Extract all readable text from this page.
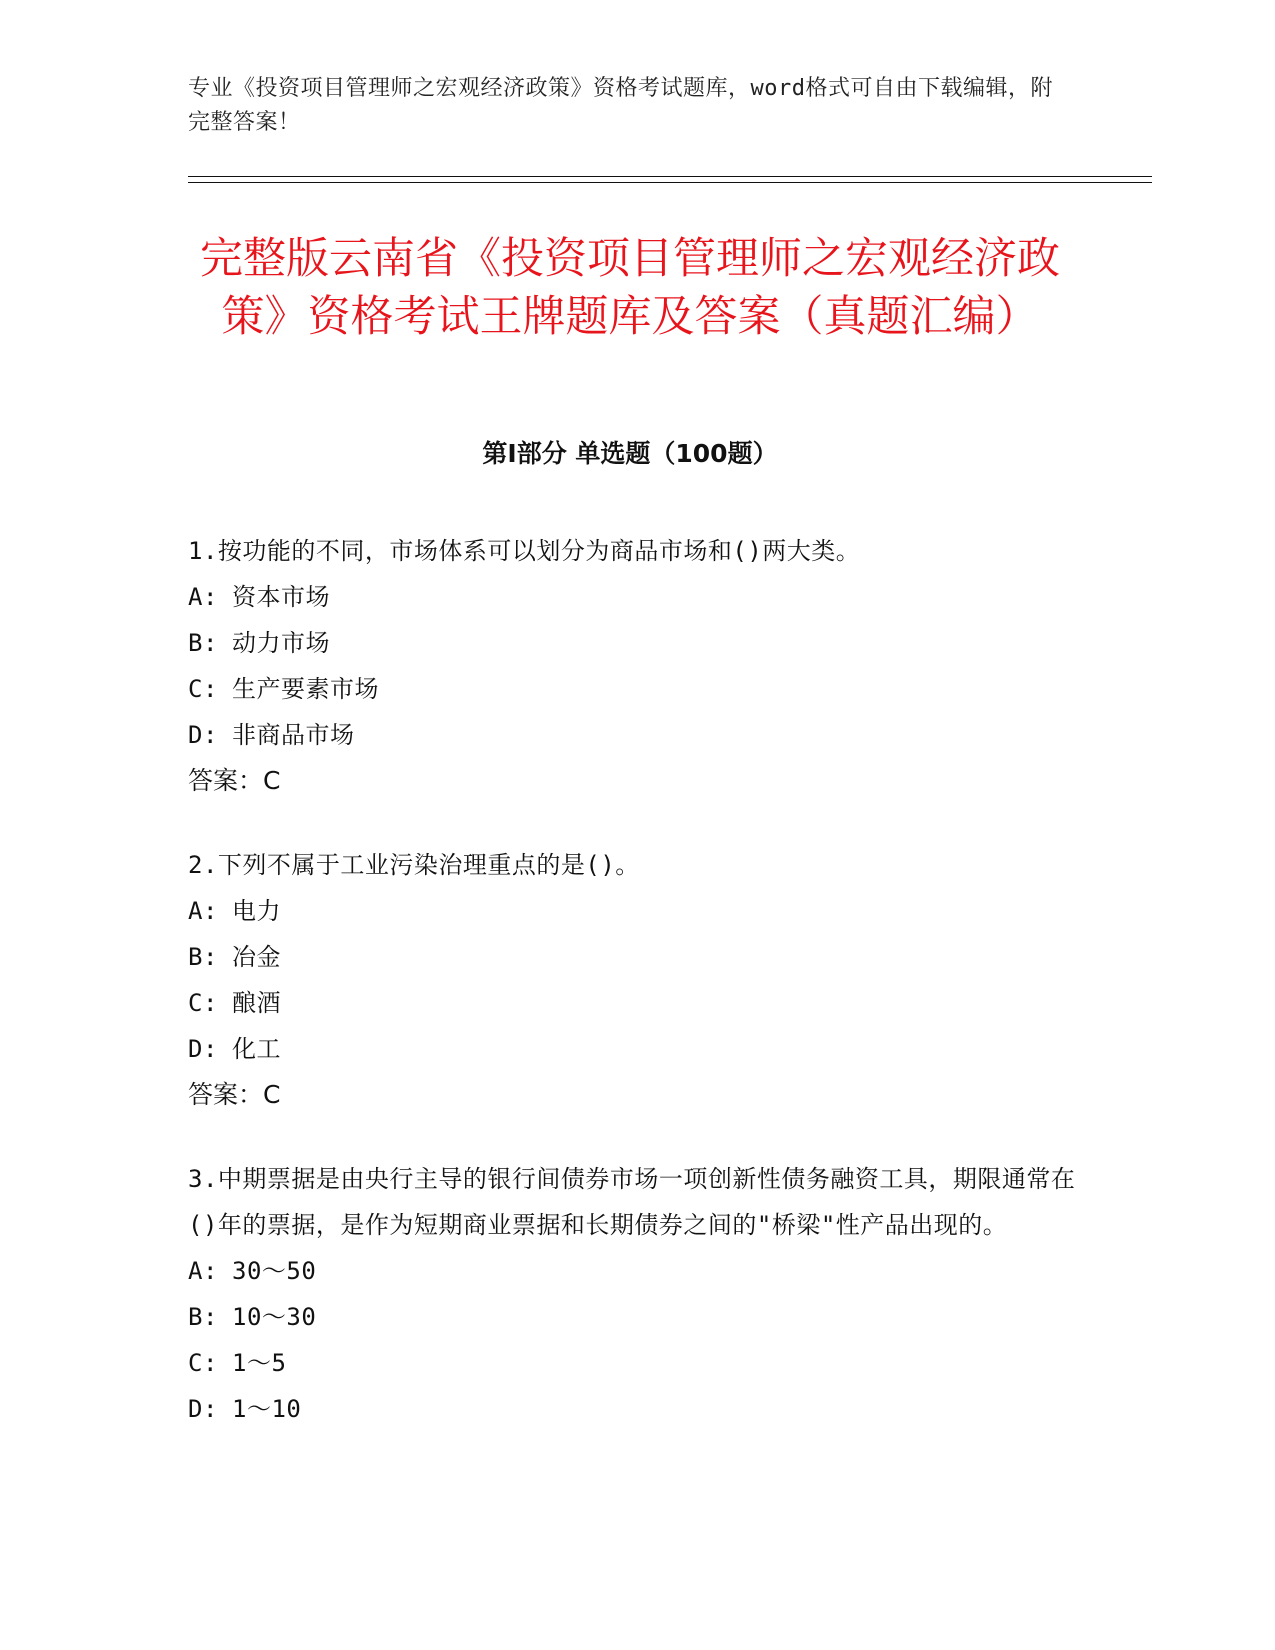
专业《投资项目管理师之宏观经济政策》资格考试题库，word格式可自由下载编辑，附完整答案！

完整版云南省《投资项目管理师之宏观经济政策》资格考试王牌题库及答案（真题汇编）
第Ⅰ部分 单选题（100题）

1.按功能的不同，市场体系可以划分为商品市场和()两大类。

A: 资本市场

B: 动力市场

C: 生产要素市场

D: 非商品市场

答案：C

2.下列不属于工业污染治理重点的是()。

A: 电力

B: 冶金

C: 酿酒

D: 化工

答案：C

3.中期票据是由央行主导的银行间债券市场一项创新性债务融资工具，期限通常在()年的票据，是作为短期商业票据和长期债券之间的"桥梁"性产品出现的。

A: 30～50

B: 10～30

C: 1～5

D: 1～10
